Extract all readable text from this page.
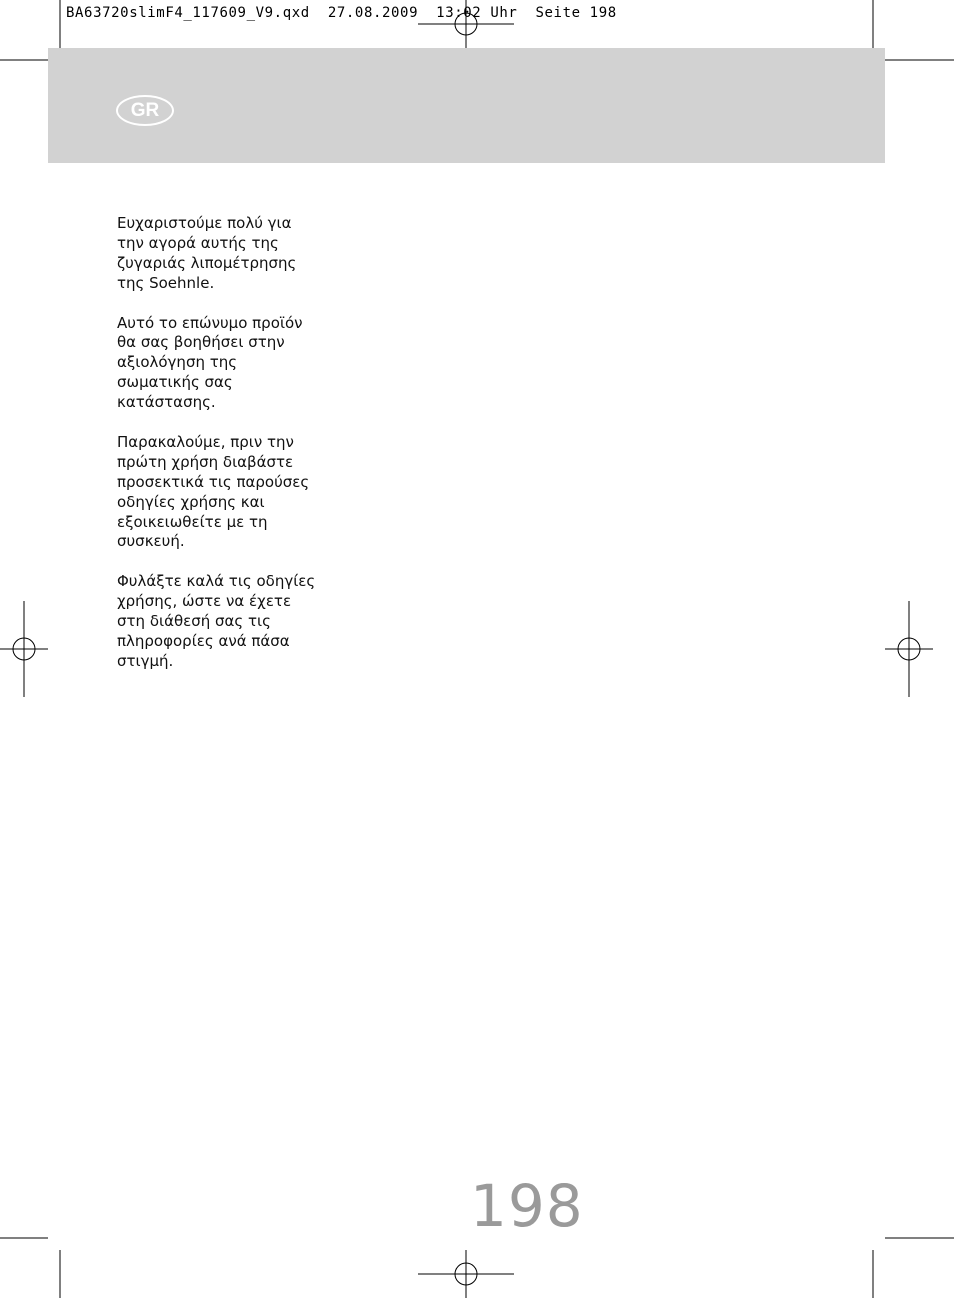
BA63720slimF4_117609_V9.qxd  27.08.2009  13:02 Uhr  Seite 198
GR

Ευχαριστούμε πολύ για
την αγορά αυτής της
ζυγαριάς λιπομέτρησης
της Soehnle.

Αυτό το επώνυμο προϊόν
θα σας βοηθήσει στην
αξιολόγηση της
σωματικής σας
κατάστασης.

Παρακαλούμε, πριν την
πρώτη χρήση διαβάστε
προσεκτικά τις παρούσες
οδηγίες χρήσης και
εξοικειωθείτε με τη
συσκευή.

Φυλάξτε καλά τις οδηγίες
χρήσης, ώστε να έχετε
στη διάθεσή σας τις
πληροφορίες ανά πάσα
στιγμή.

198
